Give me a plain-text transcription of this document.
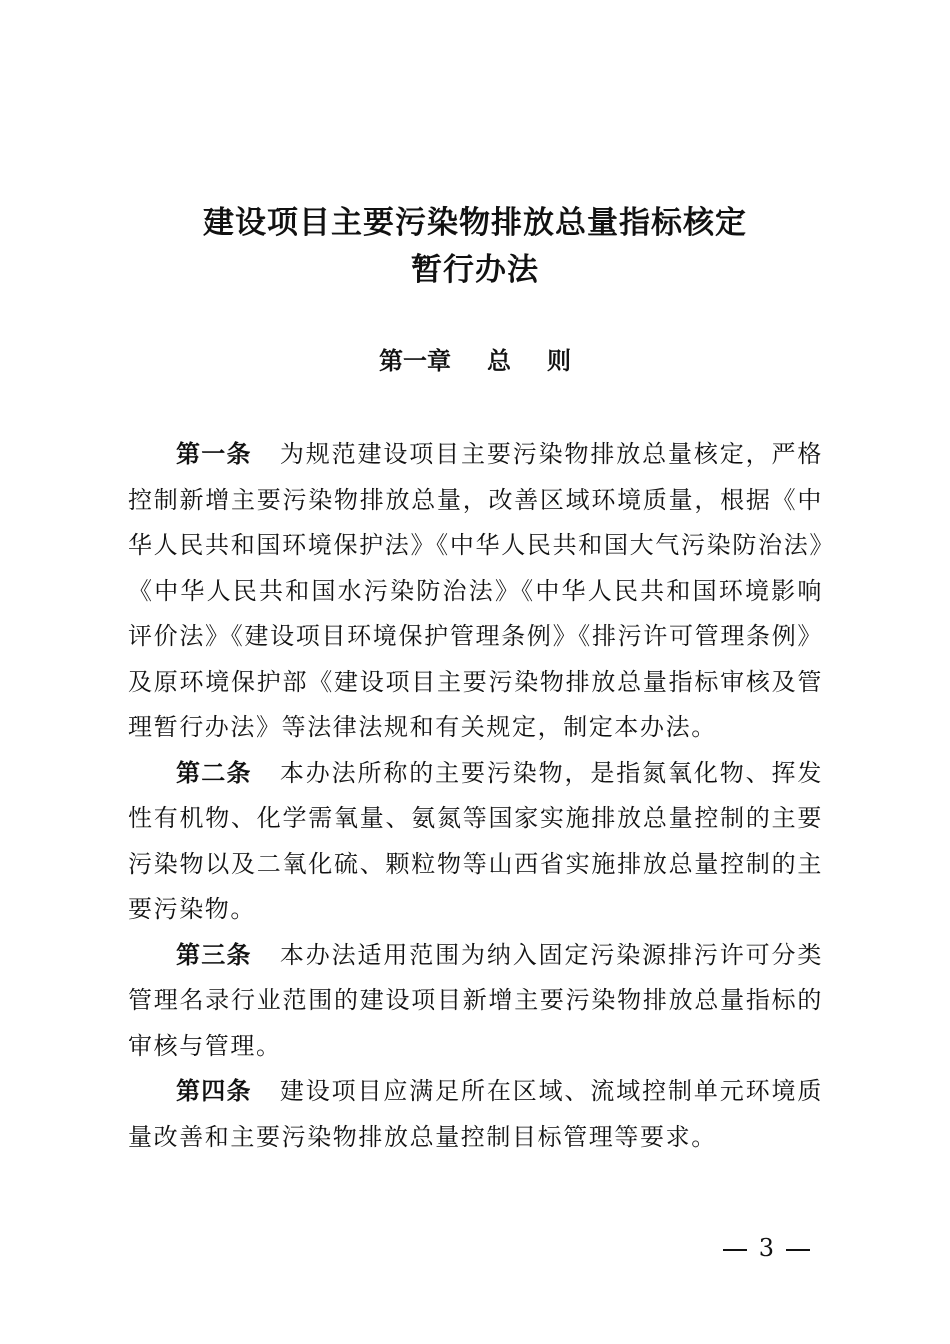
建设项目主要污染物排放总量指标核定
暂行办法
第一章 总 则

第一条 为规范建设项目主要污染物排放总量核定，严格控制新增主要污染物排放总量，改善区域环境质量，根据《中华人民共和国环境保护法》《中华人民共和国大气污染防治法》《中华人民共和国水污染防治法》《中华人民共和国环境影响评价法》《建设项目环境保护管理条例》《排污许可管理条例》及原环境保护部《建设项目主要污染物排放总量指标审核及管理暂行办法》等法律法规和有关规定，制定本办法。

第二条 本办法所称的主要污染物，是指氮氧化物、挥发性有机物、化学需氧量、氨氮等国家实施排放总量控制的主要污染物以及二氧化硫、颗粒物等山西省实施排放总量控制的主要污染物。

第三条 本办法适用范围为纳入固定污染源排污许可分类管理名录行业范围的建设项目新增主要污染物排放总量指标的审核与管理。

第四条 建设项目应满足所在区域、流域控制单元环境质量改善和主要污染物排放总量控制目标管理等要求。

3
